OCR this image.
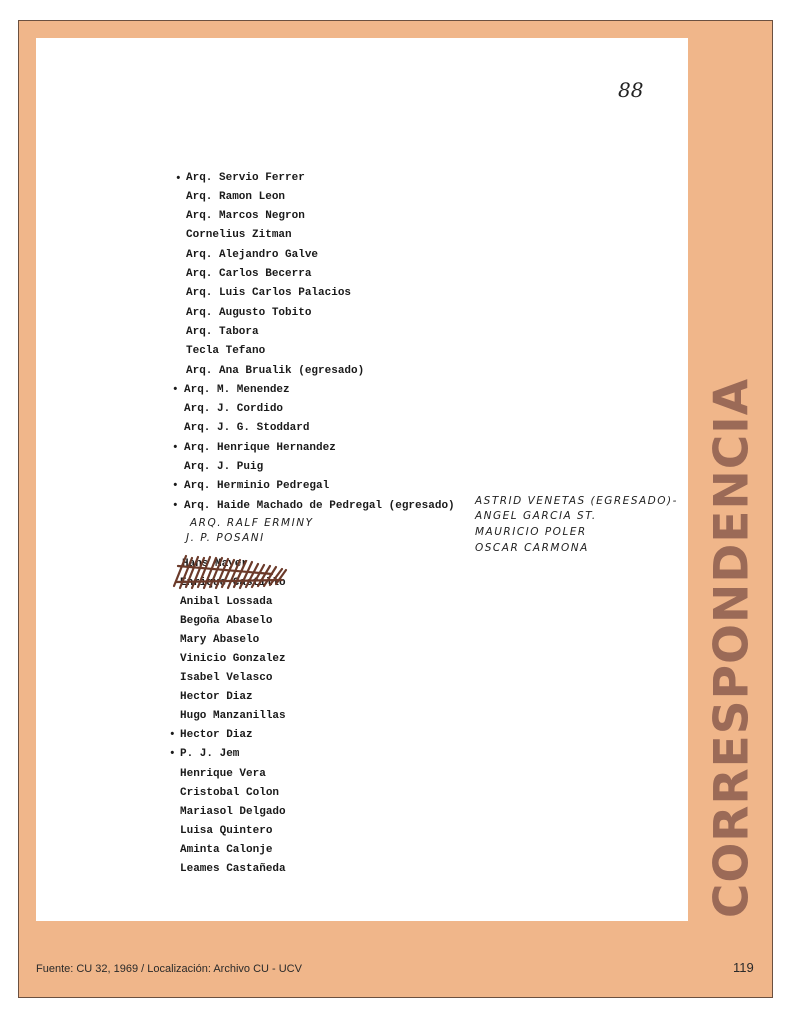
88
• Arq. Servio Ferrer
Arq. Ramon Leon
Arq. Marcos Negron
Cornelius Zitman
Arq. Alejandro Galve
Arq. Carlos Becerra
Arq. Luis Carlos Palacios
Arq. Augusto Tobito
Arq. Tabora
Tecla Tefano
Arq. Ana Brualik (egresado)
• Arq. M. Menendez
Arq. J. Cordido
Arq. J. G. Stoddard
• Arq. Henrique Hernandez
Arq. J. Puig
• Arq. Herminio Pedregal
• Arq. Haide Machado de Pedregal (egresado)
Anibal Lossada
Begoña Abaselo
Mary Abaselo
Vinicio Gonzalez
Isabel Velasco
Hector Diaz
Hugo Manzanillas
• Hector Diaz
• P. J. Jem
Henrique Vera
Cristobal Colon
Mariasol Delgado
Luisa Quintero
Aminta Calonje
Leames Castañeda
ARQ. RALF ERMINY
J. P. POSANI
ASTRID VENETAS (EGRESADO)-
ANGEL GARCIA ST.
MAURICIO POLER
OSCAR CARMONA
Hans Mayer
Enrique Castillo	CORRESPONDENCIA
Fuente: CU 32, 1969 / Localización: Archivo CU - UCV	119
